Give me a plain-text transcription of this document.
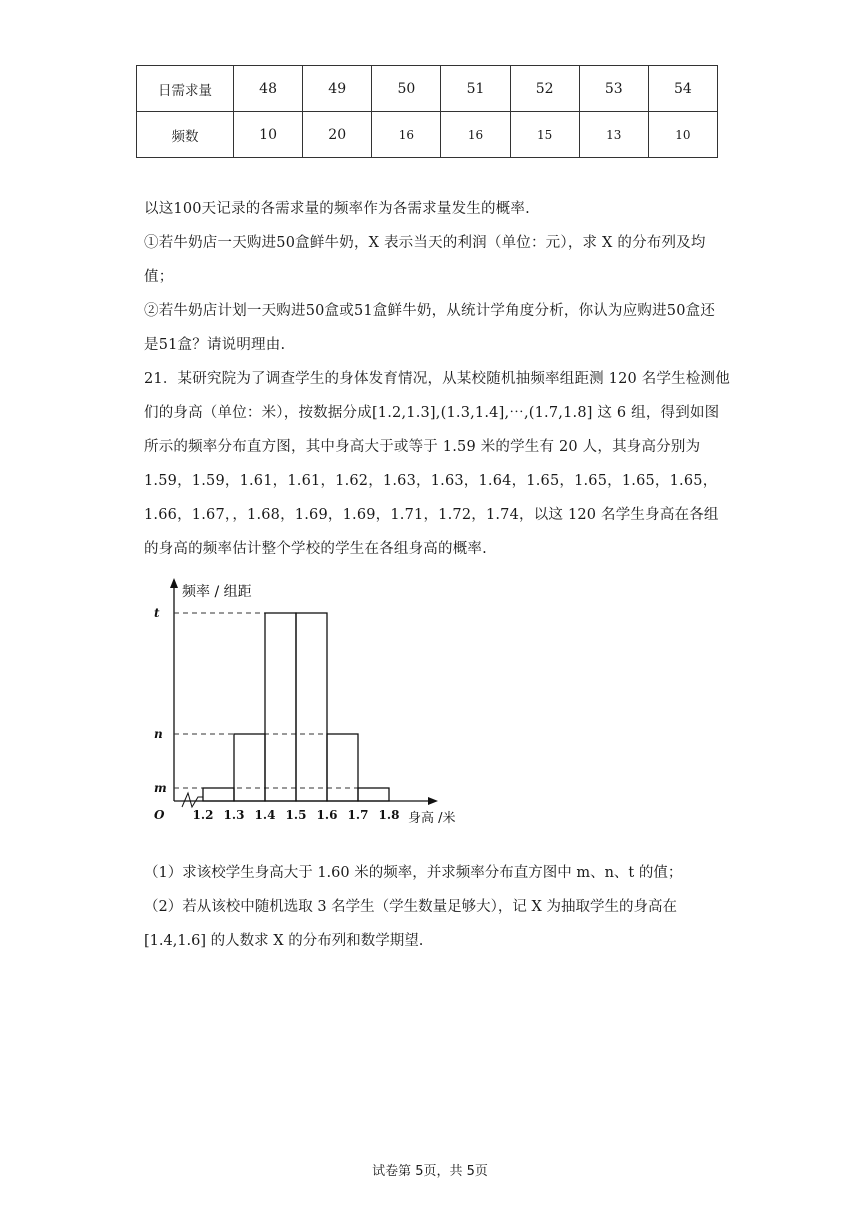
日需求量	48	49	50	51	52	53	54
频数	10	20	16	16	15	13	10
以这100天记录的各需求量的频率作为各需求量发生的概率.
①若牛奶店一天购进50盒鲜牛奶，X 表示当天的利润（单位：元），求 X 的分布列及均值；
②若牛奶店计划一天购进50盒或51盒鲜牛奶，从统计学角度分析，你认为应购进50盒还是51盒？请说明理由.
21．某研究院为了调查学生的身体发育情况，从某校随机抽频率组距测 120 名学生检测他们的身高（单位：米），按数据分成[1.2,1.3],(1.3,1.4],⋯,(1.7,1.8] 这 6 组，得到如图所示的频率分布直方图，其中身高大于或等于 1.59 米的学生有 20 人，其身高分别为 1.59，1.59，1.61，1.61，1.62，1.63，1.63，1.64，1.65，1.65，1.65，1.65，1.66，1.67，，1.68，1.69，1.69，1.71，1.72，1.74，以这 120 名学生身高在各组的身高的频率估计整个学校的学生在各组身高的概率.
频率 / 组距
身高 /米
O
m
n
t
1.2 1.3 1.4 1.5 1.6 1.7 1.8
（1）求该校学生身高大于 1.60 米的频率，并求频率分布直方图中 m、n、t 的值；
（2）若从该校中随机选取 3 名学生（学生数量足够大），记 X 为抽取学生的身高在
[1.4,1.6] 的人数求 X 的分布列和数学期望.
试卷第 5页，共 5页
